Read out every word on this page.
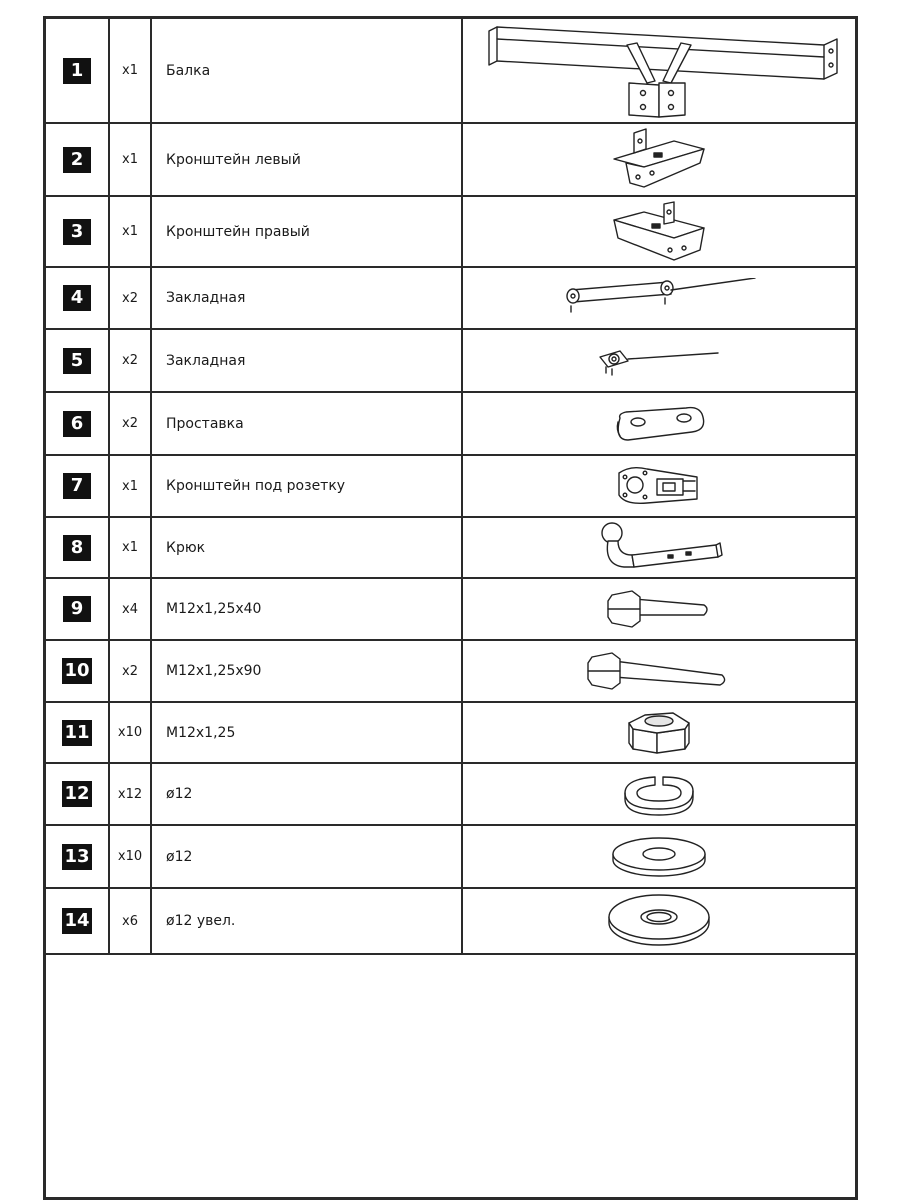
1	x1	Балка	

2	x1	Кронштейн левый	

3	x1	Кронштейн правый	

4	x2	Закладная	

5	x2	Закладная	

6	x2	Проставка	

7	x1	Кронштейн под розетку	

8	x1	Крюк	

9	x4	M12x1,25x40	

10	x2	M12x1,25x90	

11	x10	M12x1,25	

12	x12	ø12	

13	x10	ø12	

14	x6	ø12 увел.	
